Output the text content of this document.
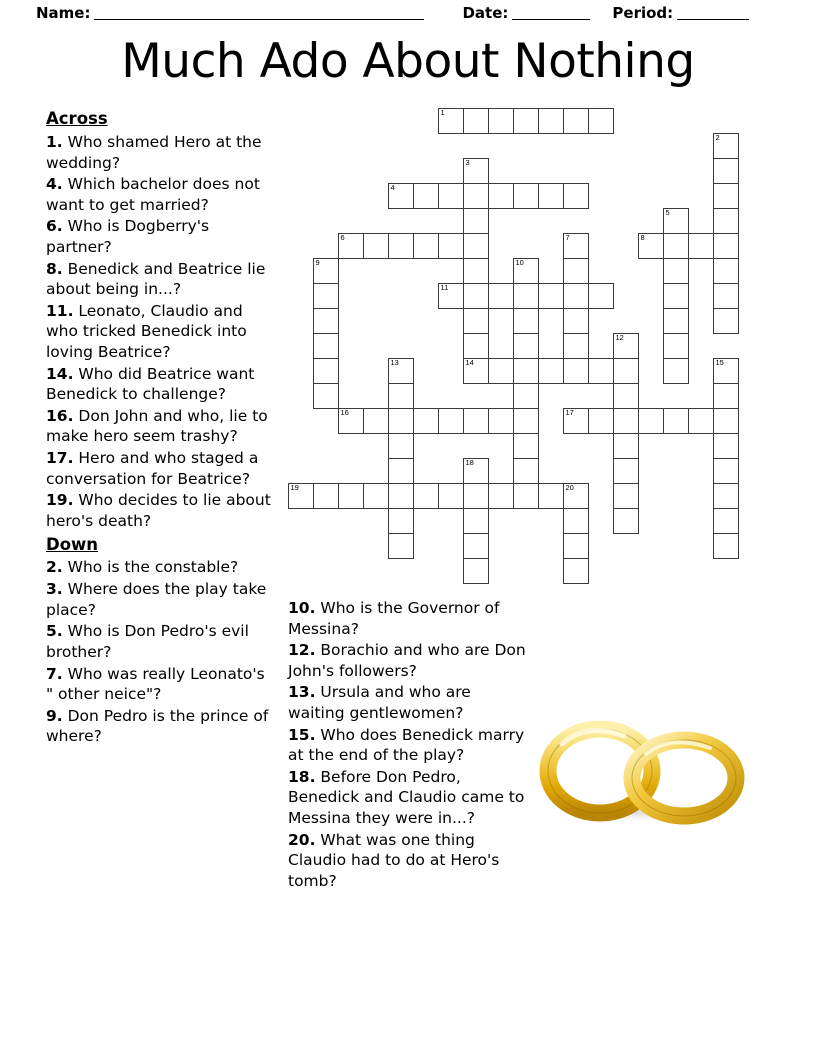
Name:	Date:	Period:
Much Ado About Nothing
1
2
3
4
5
6	7	8
9	10
11
12
13	14	15
16	17
18
19	20
Across
1. Who shamed Hero at the wedding?
4. Which bachelor does not want to get married?
6. Who is Dogberry's partner?
8. Benedick and Beatrice lie about being in...?
11. Leonato, Claudio and who tricked Benedick into loving Beatrice?
14. Who did Beatrice want Benedick to challenge?
16. Don John and who, lie to make hero seem trashy?
17. Hero and who staged a conversation for Beatrice?
19. Who decides to lie about hero's death?
Down
2. Who is the constable?
3. Where does the play take place?
5. Who is Don Pedro's evil brother?
7. Who was really Leonato's " other neice"?
9. Don Pedro is the prince of where?
10. Who is the Governor of Messina?
12. Borachio and who are Don John's followers?
13. Ursula and who are waiting gentlewomen?
15. Who does Benedick marry at the end of the play?
18. Before Don Pedro, Benedick and Claudio came to Messina they were in...?
20. What was one thing Claudio had to do at Hero's tomb?
